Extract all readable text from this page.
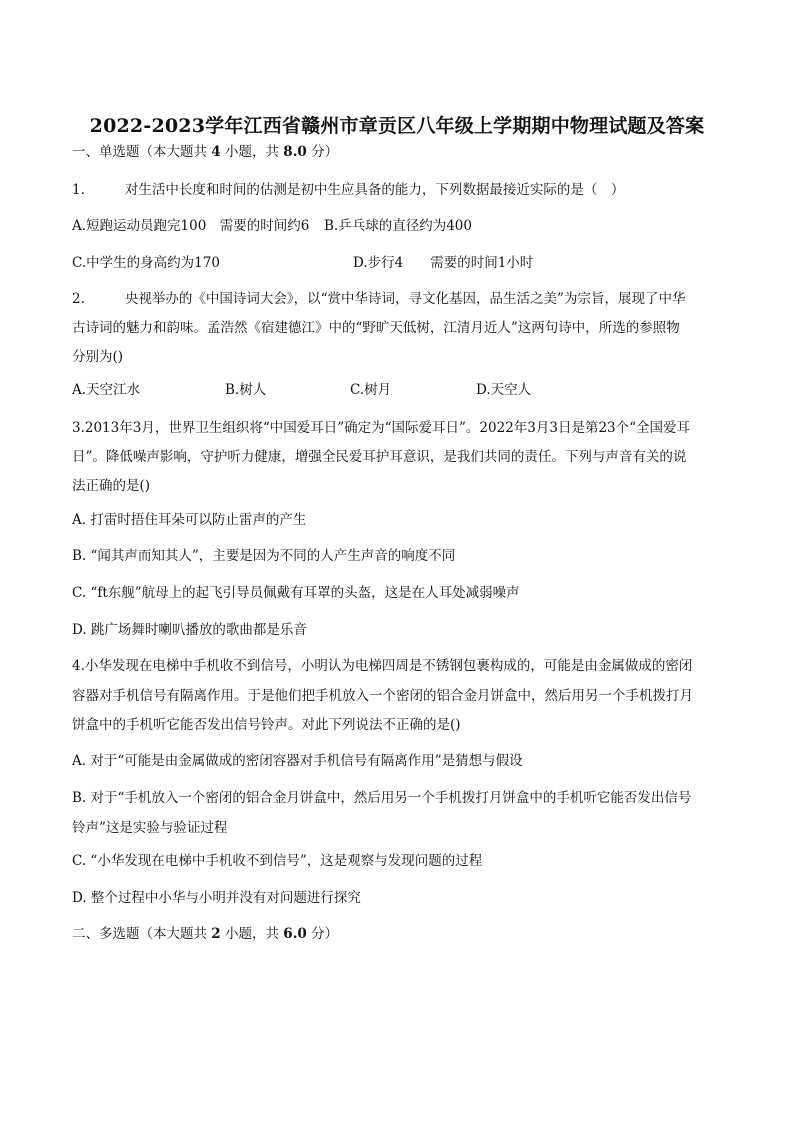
2022-2023学年江西省赣州市章贡区八年级上学期期中物理试题及答案
一、单选题（本大题共 4 小题，共 8.0 分）
1.	对生活中长度和时间的估测是初中生应具备的能力，下列数据最接近实际的是（　）
A.短跑运动员跑完100　需要的时间约6 B.乒乓球的直径约为400
C.中学生的身高约为170	D.步行4　　需要的时间1小时
2.	央视举办的《中国诗词大会》，以“赏中华诗词，寻文化基因，品生活之美”为宗旨，展现了中华
古诗词的魅力和韵味。孟浩然《宿建德江》中的“野旷天低树，江清月近人”这两句诗中，所选的参照物
分别为()
A.天空江水	B.树人	C.树月	D.天空人
3.2013年3月，世界卫生组织将“中国爱耳日”确定为“国际爱耳日”。2022年3月3日是第23个“全国爱耳
日”。降低噪声影响，守护听力健康，增强全民爱耳护耳意识，是我们共同的责任。下列与声音有关的说
法正确的是()
A. 打雷时捂住耳朵可以防止雷声的产生
B. “闻其声而知其人”，主要是因为不同的人产生声音的响度不同
C. “ft东舰”航母上的起飞引导员佩戴有耳罩的头盔，这是在人耳处减弱噪声
D. 跳广场舞时喇叭播放的歌曲都是乐音
4.小华发现在电梯中手机收不到信号，小明认为电梯四周是不锈钢包裹构成的，可能是由金属做成的密闭
容器对手机信号有隔离作用。于是他们把手机放入一个密闭的铝合金月饼盒中，然后用另一个手机拨打月
饼盒中的手机听它能否发出信号铃声。对此下列说法不正确的是()
A. 对于“可能是由金属做成的密闭容器对手机信号有隔离作用”是猜想与假设
B. 对于“手机放入一个密闭的铝合金月饼盒中，然后用另一个手机拨打月饼盒中的手机听它能否发出信号
铃声”这是实验与验证过程
C. “小华发现在电梯中手机收不到信号”，这是观察与发现问题的过程
D. 整个过程中小华与小明并没有对问题进行探究
二、多选题（本大题共 2 小题，共 6.0 分）
